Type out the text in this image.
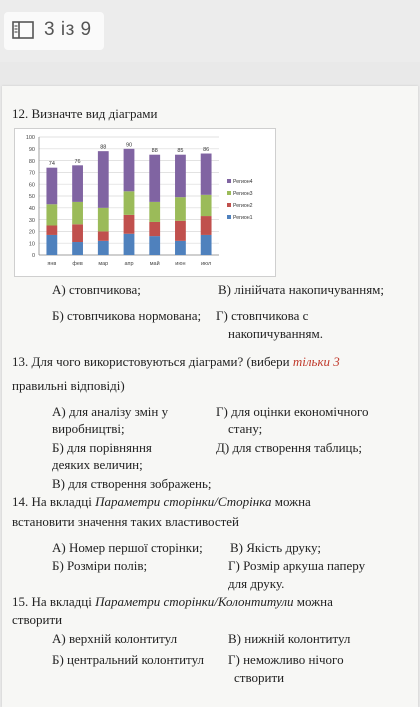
3 із 9
12. Визначте вид діаграми
0
10
20
30
40
50
60
70
80
90
100
74
янв
76
фев
88
мар
90
апр
88
май
85
июн
86
июл
Регион4
Регион3
Регион2
Регион1
А) стовпчикова;	В) лінійчата накопичуванням;
Б) стовпчикова нормована; Г) стовпчикова с
накопичуванням.
13. Для чого використовуються діаграми? (вибери тільки 3
правильні відповіді)
А) для аналізу змін у
виробництві;
Г) для оцінки економічного
стану;
Б) для порівняння
деяких величин;
Д) для створення таблиць;
В) для створення зображень;
14. На вкладці Параметри сторінки/Сторінка можна
встановити значення таких властивостей
А) Номер першої сторінки; В) Якість друку;
Б) Розміри полів;	Г) Розмір аркуша паперу
для друку.
15. На вкладці Параметри сторінки/Колонтитули можна
створити
А) верхній колонтитул	В) нижній колонтитул
Б) центральний колонтитул Г) неможливо нічого
створити
